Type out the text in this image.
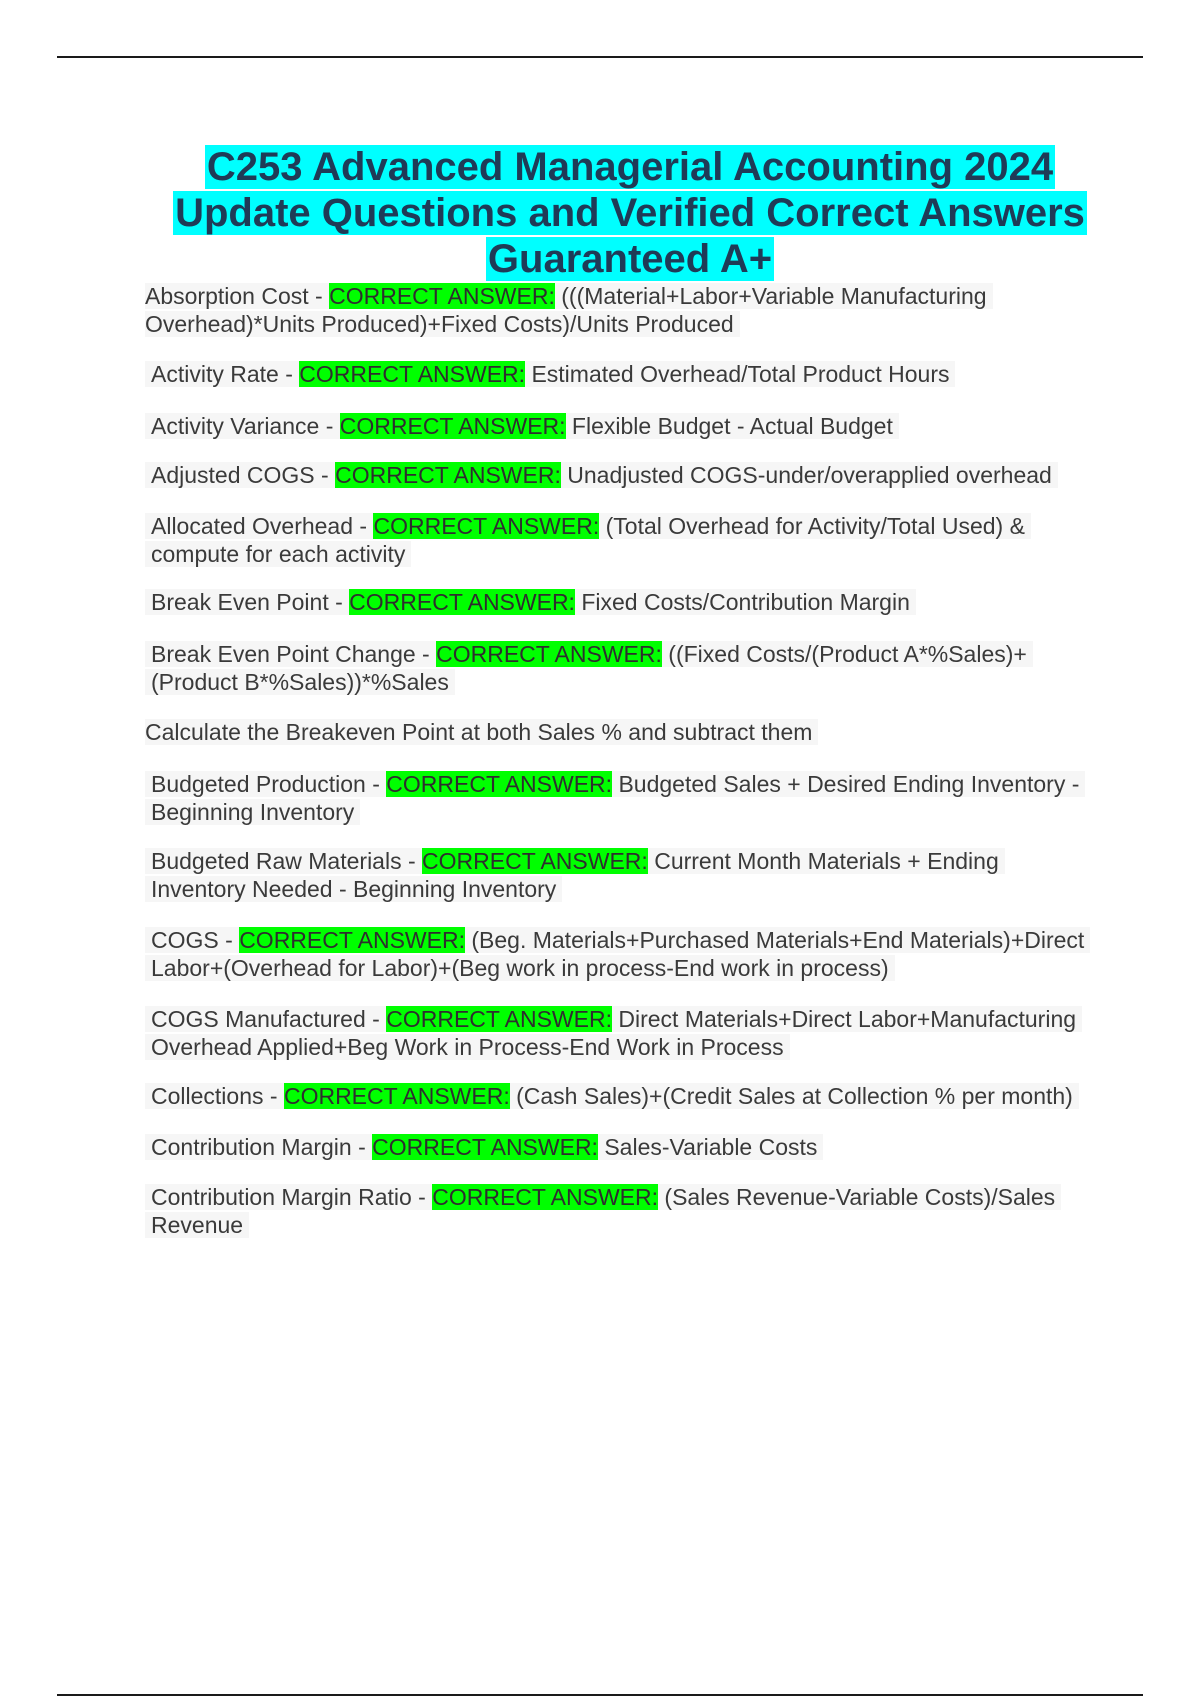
C253 Advanced Managerial Accounting 2024
Update Questions and Verified Correct Answers
Guaranteed A+

Absorption Cost - CORRECT ANSWER: (((Material+Labor+Variable Manufacturing Overhead)*Units Produced)+Fixed Costs)/Units Produced

Activity Rate - CORRECT ANSWER: Estimated Overhead/Total Product Hours

Activity Variance - CORRECT ANSWER: Flexible Budget - Actual Budget

Adjusted COGS - CORRECT ANSWER: Unadjusted COGS-under/overapplied overhead

Allocated Overhead - CORRECT ANSWER: (Total Overhead for Activity/Total Used) & compute for each activity

Break Even Point - CORRECT ANSWER: Fixed Costs/Contribution Margin

Break Even Point Change - CORRECT ANSWER: ((Fixed Costs/(Product A*%Sales)+(Product B*%Sales))*%Sales

Calculate the Breakeven Point at both Sales % and subtract them

Budgeted Production - CORRECT ANSWER: Budgeted Sales + Desired Ending Inventory - Beginning Inventory

Budgeted Raw Materials - CORRECT ANSWER: Current Month Materials + Ending Inventory Needed - Beginning Inventory

COGS - CORRECT ANSWER: (Beg. Materials+Purchased Materials+End Materials)+Direct Labor+(Overhead for Labor)+(Beg work in process-End work in process)

COGS Manufactured - CORRECT ANSWER: Direct Materials+Direct Labor+Manufacturing Overhead Applied+Beg Work in Process-End Work in Process

Collections - CORRECT ANSWER: (Cash Sales)+(Credit Sales at Collection % per month)

Contribution Margin - CORRECT ANSWER: Sales-Variable Costs

Contribution Margin Ratio - CORRECT ANSWER: (Sales Revenue-Variable Costs)/Sales Revenue
